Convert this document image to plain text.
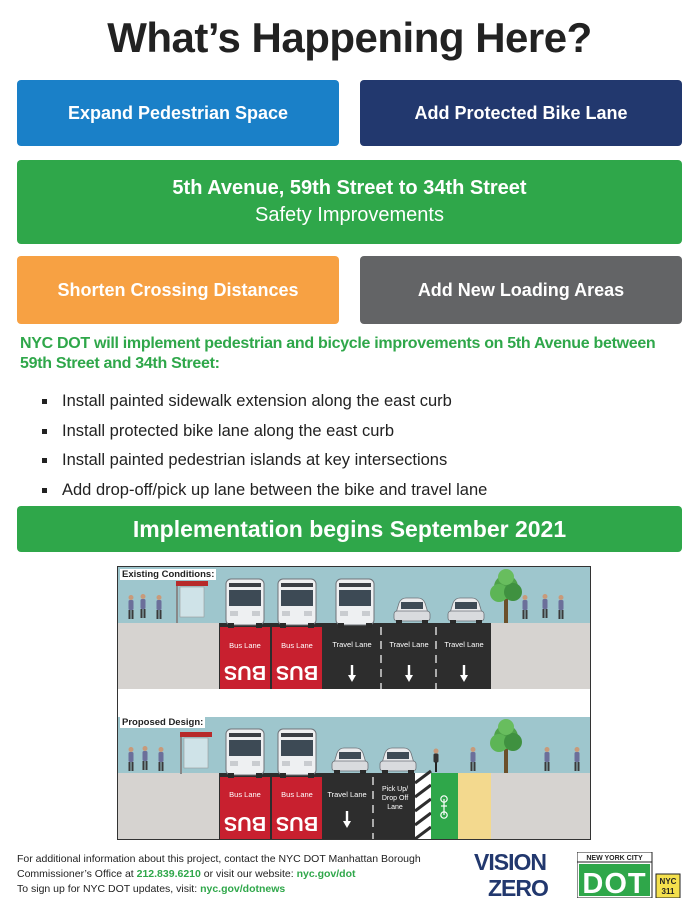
What’s Happening Here?
Expand Pedestrian Space	Add Protected Bike Lane
5th Avenue, 59th Street to 34th Street
Safety Improvements
Shorten Crossing Distances	Add New Loading Areas
NYC DOT will implement pedestrian and bicycle improvements on 5th Avenue between 59th Street and 34th Street:
Install painted sidewalk extension along the east curb
Install protected bike lane along the east curb
Install painted pedestrian islands at key intersections
Add drop-off/pick up lane between the bike and travel lane
Implementation begins September 2021
Existing Conditions:
Proposed Design:
Bus Lane	Bus Lane
BUS BUS
Travel Lane Travel Lane Travel Lane
Bus Lane	Bus Lane
BUS BUS
Travel Lane
Pick Up/ Drop Off Lane
For additional information about this project, contact the NYC DOT Manhattan Borough
Commissioner’s Office at 212.839.6210 or visit our website: nyc.gov/dot
To sign up for NYC DOT updates, visit: nyc.gov/dotnews
VISION
ZERO
NEW YORK CITY
DOT NYC
311
